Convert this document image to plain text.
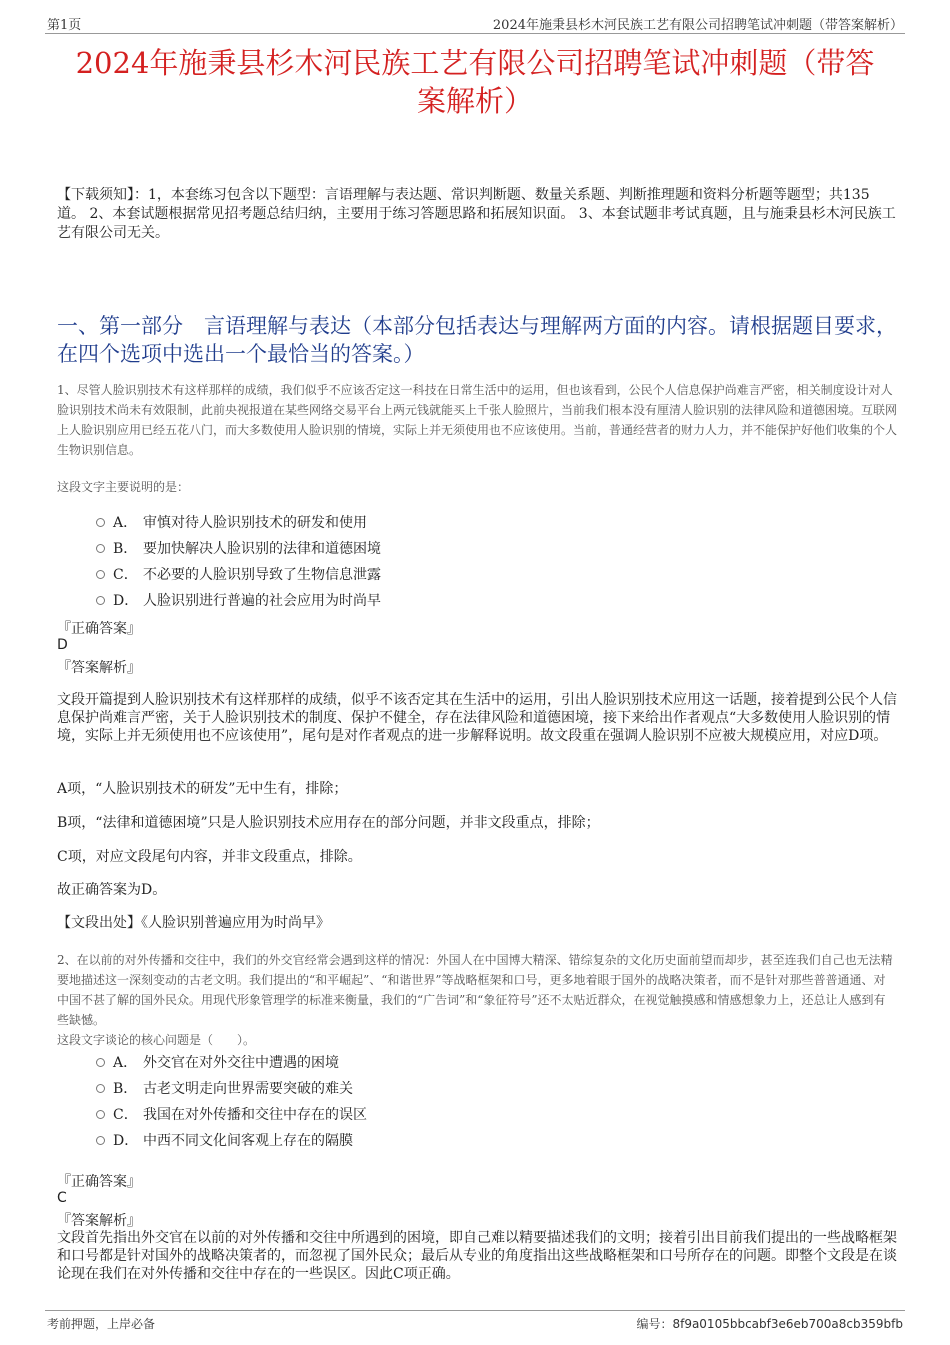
第1页	2024年施秉县杉木河民族工艺有限公司招聘笔试冲刺题（带答案解析）
2024年施秉县杉木河民族工艺有限公司招聘笔试冲刺题（带答
案解析）
【下载须知】：1，本套练习包含以下题型：言语理解与表达题、常识判断题、数量关系题、判断推理题和资料分析题等题型；共135道。 2、本套试题根据常见招考题总结归纳，主要用于练习答题思路和拓展知识面。 3、本套试题非考试真题，且与施秉县杉木河民族工艺有限公司无关。
一、第一部分　言语理解与表达（本部分包括表达与理解两方面的内容。请根据题目要求，在四个选项中选出一个最恰当的答案。）
1、尽管人脸识别技术有这样那样的成绩，我们似乎不应该否定这一科技在日常生活中的运用，但也该看到，公民个人信息保护尚难言严密，相关制度设计对人脸识别技术尚未有效限制，此前央视报道在某些网络交易平台上两元钱就能买上千张人脸照片，当前我们根本没有厘清人脸识别的法律风险和道德困境。互联网上人脸识别应用已经五花八门，而大多数使用人脸识别的情境，实际上并无须使用也不应该使用。当前，普通经营者的财力人力，并不能保护好他们收集的个人生物识别信息。
这段文字主要说明的是：
A． 审慎对待人脸识别技术的研发和使用
B． 要加快解决人脸识别的法律和道德困境
C． 不必要的人脸识别导致了生物信息泄露
D． 人脸识别进行普遍的社会应用为时尚早
『正确答案』
D
『答案解析』
文段开篇提到人脸识别技术有这样那样的成绩，似乎不该否定其在生活中的运用，引出人脸识别技术应用这一话题，接着提到公民个人信息保护尚难言严密，关于人脸识别技术的制度、保护不健全，存在法律风险和道德困境，接下来给出作者观点“大多数使用人脸识别的情境，实际上并无须使用也不应该使用”，尾句是对作者观点的进一步解释说明。故文段重在强调人脸识别不应被大规模应用，对应D项。
A项，“人脸识别技术的研发”无中生有，排除；
B项，“法律和道德困境”只是人脸识别技术应用存在的部分问题，并非文段重点，排除；
C项，对应文段尾句内容，并非文段重点，排除。
故正确答案为D。
【文段出处】《人脸识别普遍应用为时尚早》
2、在以前的对外传播和交往中，我们的外交官经常会遇到这样的情况：外国人在中国博大精深、错综复杂的文化历史面前望而却步，甚至连我们自己也无法精要地描述这一深刻变动的古老文明。我们提出的“和平崛起”、“和谐世界”等战略框架和口号，更多地着眼于国外的战略决策者，而不是针对那些普普通通、对中国不甚了解的国外民众。用现代形象管理学的标准来衡量，我们的“广告词”和“象征符号”还不太贴近群众，在视觉触摸感和情感想象力上，还总让人感到有些缺憾。
这段文字谈论的核心问题是（　　）。
A． 外交官在对外交往中遭遇的困境
B． 古老文明走向世界需要突破的难关
C． 我国在对外传播和交往中存在的误区
D． 中西不同文化间客观上存在的隔膜
『正确答案』
C
『答案解析』
文段首先指出外交官在以前的对外传播和交往中所遇到的困境，即自己难以精要描述我们的文明；接着引出目前我们提出的一些战略框架和口号都是针对国外的战略决策者的，而忽视了国外民众；最后从专业的角度指出这些战略框架和口号所存在的问题。即整个文段是在谈论现在我们在对外传播和交往中存在的一些误区。因此C项正确。
考前押题，上岸必备	编号：8f9a0105bbcabf3e6eb700a8cb359bfb
